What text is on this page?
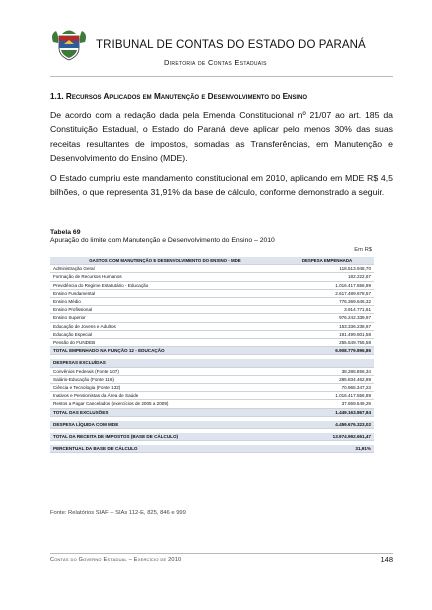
TRIBUNAL DE CONTAS DO ESTADO DO PARANÁ
Diretoria de Contas Estaduais
1.1. Recursos Aplicados em Manutenção e Desenvolvimento do Ensino
De acordo com a redação dada pela Emenda Constitucional nº 21/07 ao art. 185 da Constituição Estadual, o Estado do Paraná deve aplicar pelo menos 30% das suas receitas resultantes de impostos, somadas as Transferências, em Manutenção e Desenvolvimento do Ensino (MDE).
O Estado cumpriu este mandamento constitucional em 2010, aplicando em MDE R$ 4,5 bilhões, o que representa 31,91% da base de cálculo, conforme demonstrado a seguir.
Tabela 69
Apuração do limite com Manutenção e Desenvolvimento do Ensino – 2010
Em R$
GASTOS COM MANUTENÇÃO E DESENVOLVIMENTO DO ENSINO - MDE	DESPESA EMPENHADA
Administração Geral	118.513.948,70
Formação de Recursos Humanos	182.222,67
Previdência do Regime Estatutário - Educação	1.016.417.556,89
Ensino Fundamental	2.617.489.678,57
Ensino Médio	776.369.646,32
Ensino Profissional	3.914.771,61
Ensino Superior	976.242.339,97
Educação de Jovens e Adultos	153.336.238,67
Educação Especial	191.499.801,58
Pensão do FUNDEB	255.549.755,58
TOTAL EMPENHADO NA FUNÇÃO 12 - EDUCAÇÃO	6.908.779.896,86

DESPESAS EXCLUÍDAS	
Convênios Federais (Fonte 107)	38.286.856,34
Salário-Educação (Fonte 116)	285.834.462,89
Ciência e Tecnologia (Fonte 132)	70.965.347,23
Inativos e Pensionistas da Área de Saúde	1.016.417.556,89
Restos a Pagar Cancelados (exercícios de 2005 a 2009)	37.659.549,29
TOTAL DAS EXCLUSÕES	1.449.163.867,84

DESPESA LÍQUIDA COM MDE	4.459.676.323,02

TOTAL DA RECEITA DE IMPOSTOS (BASE DE CÁLCULO)	13.974.992.651,47

PERCENTUAL DA BASE DE CÁLCULO	31,91%
Fonte: Relatórios SIAF – SIAs 112-E, 825, 846 e 999
Contas do Governo Estadual – Exercício de 2010	148
